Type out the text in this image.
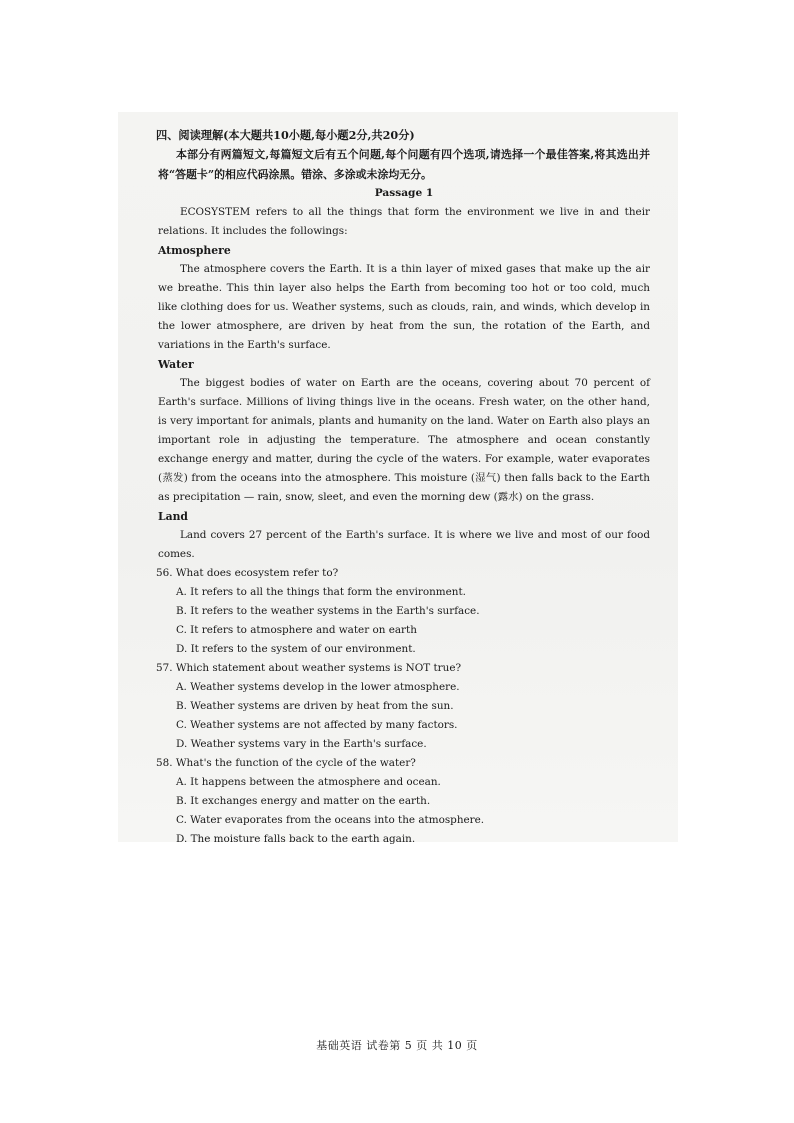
四、阅读理解(本大题共10小题,每小题2分,共20分)
本部分有两篇短文,每篇短文后有五个问题,每个问题有四个选项,请选择一个最佳答案,将其选出并将“答题卡”的相应代码涂黑。错涂、多涂或未涂均无分。
Passage 1

ECOSYSTEM refers to all the things that form the environment we live in and their relations. It includes the followings:

Atmosphere

The atmosphere covers the Earth. It is a thin layer of mixed gases that make up the air we breathe. This thin layer also helps the Earth from becoming too hot or too cold, much like clothing does for us. Weather systems, such as clouds, rain, and winds, which develop in the lower atmosphere, are driven by heat from the sun, the rotation of the Earth, and variations in the Earth's surface.

Water

The biggest bodies of water on Earth are the oceans, covering about 70 percent of Earth's surface. Millions of living things live in the oceans. Fresh water, on the other hand, is very important for animals, plants and humanity on the land. Water on Earth also plays an important role in adjusting the temperature. The atmosphere and ocean constantly exchange energy and matter, during the cycle of the waters. For example, water evaporates (蒸发) from the oceans into the atmosphere. This moisture (湿气) then falls back to the Earth as precipitation — rain, snow, sleet, and even the morning dew (露水) on the grass.

Land

Land covers 27 percent of the Earth's surface. It is where we live and most of our food comes.

56. What does ecosystem refer to?
A. It refers to all the things that form the environment.
B. It refers to the weather systems in the Earth's surface.
C. It refers to atmosphere and water on earth
D. It refers to the system of our environment.
57. Which statement about weather systems is NOT true?
A. Weather systems develop in the lower atmosphere.
B. Weather systems are driven by heat from the sun.
C. Weather systems are not affected by many factors.
D. Weather systems vary in the Earth's surface.
58. What's the function of the cycle of the water?
A. It happens between the atmosphere and ocean.
B. It exchanges energy and matter on the earth.
C. Water evaporates from the oceans into the atmosphere.
D. The moisture falls back to the earth again.
基础英语 试卷第 5 页 共 10 页
